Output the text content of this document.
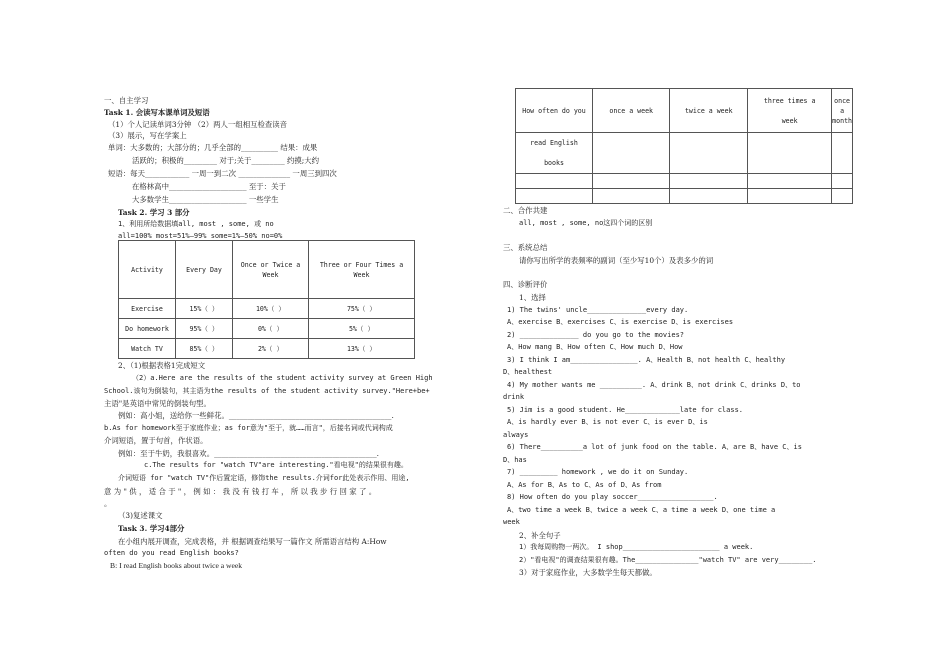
一、自主学习
Task 1. 会读写本课单词及短语
（1）个人记读单词3分钟 （2）两人一组相互检查读音
（3）展示，写在学案上
单词：大多数的；大部分的；几乎全部的__________ 结果：成果
活跃的；积极的_________ 对于;关于_________ 约摸;大约
短语：每天____________ 一周一到二次 ______________ 一周三到四次
在格林高中_____________________ 至于：关于
大多数学生_____________________ 一些学生
Task 2. 学习 3 部分
1、利用所给数据填all, most , some, 或 no
all=100% most=51%—99% some=1%—50% no=0%
Activity	Every Day	Once or Twice a Week	Three or Four Times a Week
Exercise	15%（ ）	10%（ ）	75%（ ）
Do homework	95%（ ）	0%（ ）	5%（ ）
Watch TV	85%（ ）	2%（ ）	13%（ ）
2、（1)根据表格1完成短文
（2）a.Here are the results of the student activity survey at Green High
School.该句为倒装句，其主语为the results of the student activity survey."Here+be+
主语"是英语中常见的倒装句型。
例如：高小姐，送给你一些鲜花。____________________________________________.
b.As for homework至于家庭作业；as for意为"至于，就……而言"，后接名词或代词构成
介词短语，置于句首，作状语。
例如：至于牛奶，我很喜欢。____________________________________________.
c.The results for "watch TV"are interesting."看电视"的结果很有趣。
介词短语 for "watch TV"作后置定语，修饰the results.介词for此处表示作用、用途,
意 为 " 供 ， 适 合 于 " ， 例 如 ： 我 没 有 钱 打 车 ， 所 以 我 步 行 回 家 了 。
。
（3)复述课文
Task 3. 学习4部分
在小组内展开调查，完成表格，并 根据调查结果写一篇作文 所需语言结构 A:How
often do you read English books?
B: I read English books about twice a week
How often do you	once a week	twice a week	three times a week	once a month
read English books				

二、合作共建
all, most , some, no这四个词的区别
三、系统总结
请你写出所学的表频率的副词（至少写10个）及表多少的词
四、诊断评价
1、选择
1) The twins' uncle______________every day.
A、exercise B、exercises C、is exercise D、is exercises
2) ______________ do you go to the movies?
A、How mang B、How often C、How much D、How
3) I think I am________________. A、Health B、not health C、healthy
D、healthest
4) My mother wants me __________. A、drink B、not drink C、drinks D、to
drink
5) Jim is a good student. He_____________late for class.
A、is hardly ever B、is not ever C、is ever D、is
always
6) There__________a lot of junk food on the table. A、are B、have C、is
D、has
7) _________ homework , we do it on Sunday.
A、As for B、As to C、As of D、As from
8) How often do you play soccer__________________.
A、two time a week B、twice a week C、a time a week D、one time a
week
2、补全句子
1）我每周购物一两次。 I shop_______________________ a week.
2）"看电视"的调查结果很有趣。The_______________"watch TV" are very________.
3）对于家庭作业，大多数学生每天都做。
